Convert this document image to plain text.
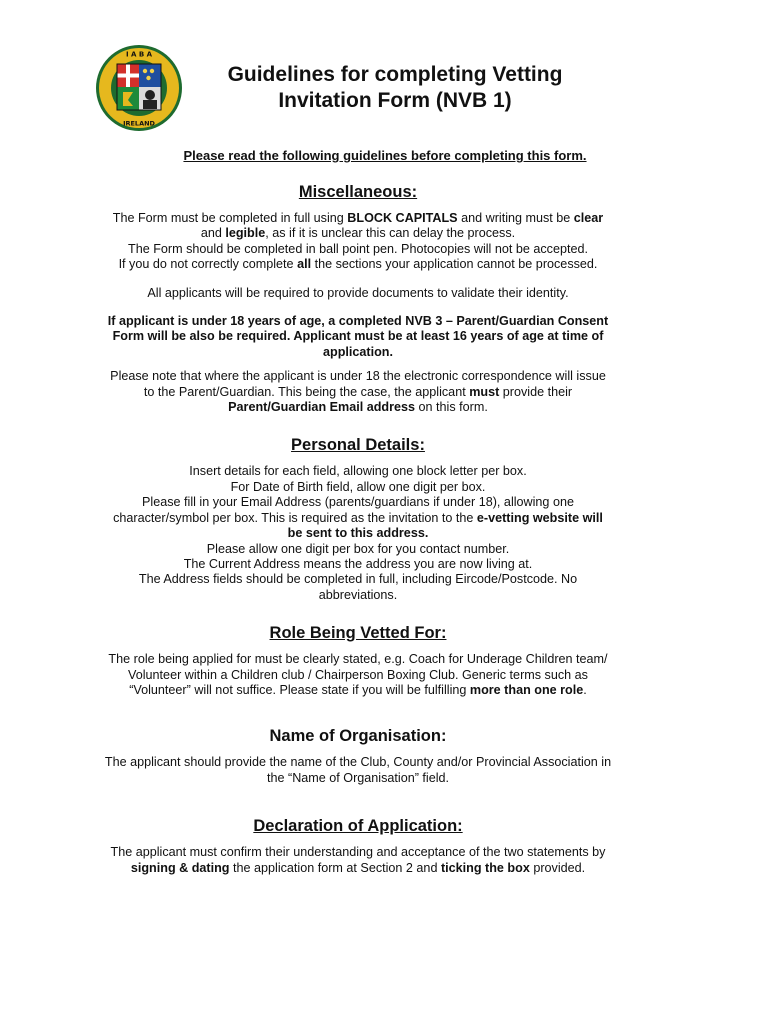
I A B A
IRELAND
Guidelines for completing Vetting
Invitation Form (NVB 1)

Please read the following guidelines before completing this form.

Miscellaneous:

The Form must be completed in full using BLOCK CAPITALS and writing must be clear
and legible, as if it is unclear this can delay the process.
The Form should be completed in ball point pen. Photocopies will not be accepted.
If you do not correctly complete all the sections your application cannot be processed.

All applicants will be required to provide documents to validate their identity.

If applicant is under 18 years of age, a completed NVB 3 – Parent/Guardian Consent
Form will be also be required. Applicant must be at least 16 years of age at time of
application.

Please note that where the applicant is under 18 the electronic correspondence will issue
to the Parent/Guardian. This being the case, the applicant must provide their
Parent/Guardian Email address on this form.

Personal Details:

Insert details for each field, allowing one block letter per box.
For Date of Birth field, allow one digit per box.
Please fill in your Email Address (parents/guardians if under 18), allowing one
character/symbol per box. This is required as the invitation to the e-vetting website will
be sent to this address.
Please allow one digit per box for you contact number.
The Current Address means the address you are now living at.
The Address fields should be completed in full, including Eircode/Postcode. No
abbreviations.

Role Being Vetted For:

The role being applied for must be clearly stated, e.g. Coach for Underage Children team/
Volunteer within a Children club / Chairperson Boxing Club. Generic terms such as
“Volunteer” will not suffice. Please state if you will be fulfilling more than one role.

Name of Organisation:

The applicant should provide the name of the Club, County and/or Provincial Association in
the “Name of Organisation” field.

Declaration of Application:

The applicant must confirm their understanding and acceptance of the two statements by
signing & dating the application form at Section 2 and ticking the box provided.
